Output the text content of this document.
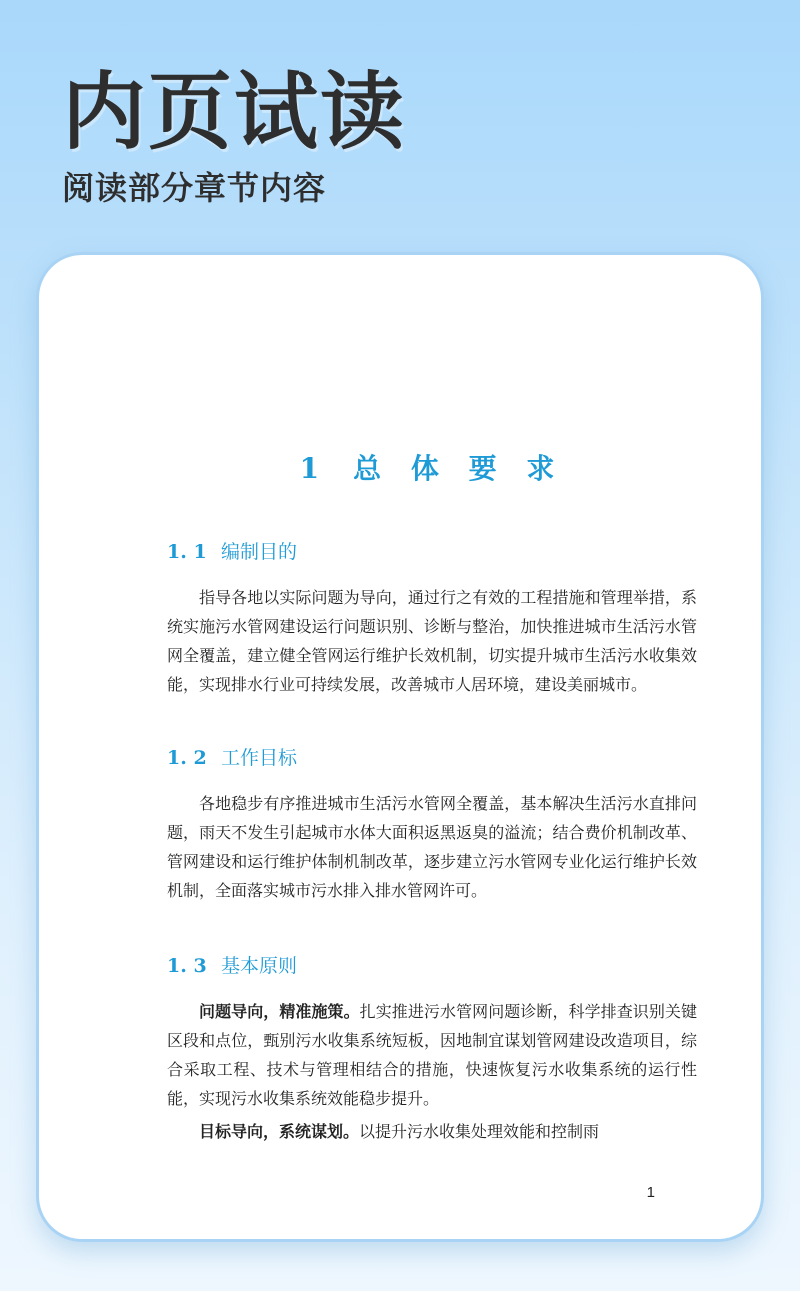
内页试读
阅读部分章节内容
1 总 体 要 求
1. 1 编制目的

指导各地以实际问题为导向，通过行之有效的工程措施和管理举措，系统实施污水管网建设运行问题识别、诊断与整治，加快推进城市生活污水管网全覆盖，建立健全管网运行维护长效机制，切实提升城市生活污水收集效能，实现排水行业可持续发展，改善城市人居环境，建设美丽城市。

1. 2 工作目标

各地稳步有序推进城市生活污水管网全覆盖，基本解决生活污水直排问题，雨天不发生引起城市水体大面积返黑返臭的溢流；结合费价机制改革、管网建设和运行维护体制机制改革，逐步建立污水管网专业化运行维护长效机制，全面落实城市污水排入排水管网许可。

1. 3 基本原则

问题导向，精准施策。扎实推进污水管网问题诊断，科学排查识别关键区段和点位，甄别污水收集系统短板，因地制宜谋划管网建设改造项目，综合采取工程、技术与管理相结合的措施，快速恢复污水收集系统的运行性能，实现污水收集系统效能稳步提升。

目标导向，系统谋划。以提升污水收集处理效能和控制雨

1
